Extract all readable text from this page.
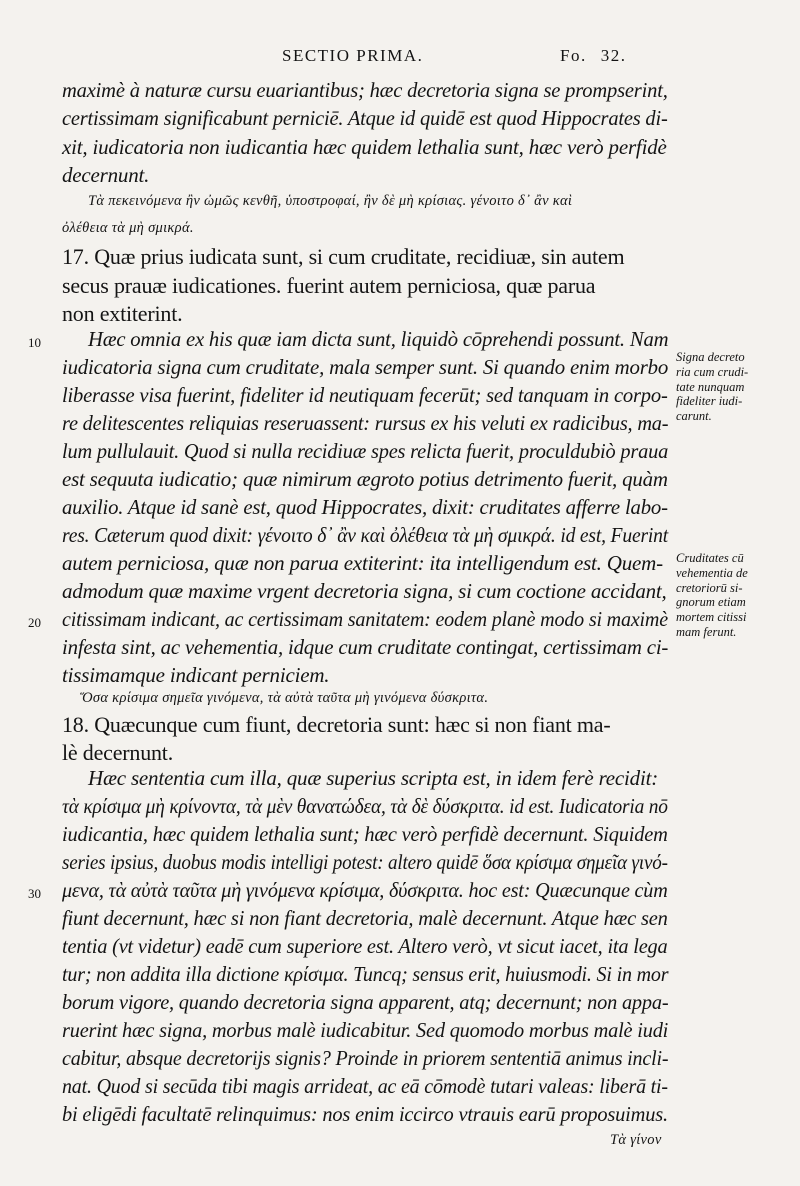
SECTIO PRIMA.	Fo. 32.
maximè à naturæ cursu euariantibus; hæc decretoria signa se prompserint,
certissimam significabunt perniciē. Atque id quidē est quod Hippocrates di-
xit, iudicatoria non iudicantia hæc quidem lethalia sunt, hæc verò perfidè
decernunt.
Τὰ πεκεινόμενα ἢν ὠμῶς κενθῆ, ὑποστροφαί, ἢν δὲ μὴ κρίσιας. γένοιτο δ᾽ ἂν καὶ
ὀλέθεια τὰ μὴ σμικρά.
17. Quæ prius iudicata sunt, si cum cruditate, recidiuæ, sin autem
secus prauæ iudicationes. fuerint autem perniciosa, quæ parua
non extiterint.
Hæc omnia ex his quæ iam dicta sunt, liquidò cōprehendi possunt. Nam
iudicatoria signa cum cruditate, mala semper sunt. Si quando enim morbo
liberasse visa fuerint, fideliter id neutiquam fecerūt; sed tanquam in corpo-
re delitescentes reliquias reseruassent: rursus ex his veluti ex radicibus, ma-
lum pullulauit. Quod si nulla recidiuæ spes relicta fuerit, proculdubiò praua
est sequuta iudicatio; quæ nimirum ægroto potius detrimento fuerit, quàm
auxilio. Atque id sanè est, quod Hippocrates, dixit: cruditates afferre labo-
res. Cæterum quod dixit: γένοιτο δ᾽ ἂν καὶ ὀλέθεια τὰ μὴ σμικρά. id est, Fuerint
autem perniciosa, quæ non parua extiterint: ita intelligendum est. Quem-
admodum quæ maxime vrgent decretoria signa, si cum coctione accidant,
citissimam indicant, ac certissimam sanitatem: eodem planè modo si maximè
infesta sint, ac vehementia, idque cum cruditate contingat, certissimam ci-
tissimamque indicant perniciem.
Ὅσα κρίσιμα σημεῖα γινόμενα, τὰ αὐτὰ ταῦτα μὴ γινόμενα δύσκριτα.
18. Quæcunque cum fiunt, decretoria sunt: hæc si non fiant ma-
lè decernunt.
Hæc sententia cum illa, quæ superius scripta est, in idem ferè recidit:
τὰ κρίσιμα μὴ κρίνοντα, τὰ μὲν θανατώδεα, τὰ δὲ δύσκριτα. id est. Iudicatoria nō
iudicantia, hæc quidem lethalia sunt; hæc verò perfidè decernunt. Siquidem
series ipsius, duobus modis intelligi potest: altero quidē ὅσα κρίσιμα σημεῖα γινό-
μενα, τὰ αὐτὰ ταῦτα μὴ γινόμενα κρίσιμα, δύσκριτα. hoc est: Quæcunque cùm
fiunt decernunt, hæc si non fiant decretoria, malè decernunt. Atque hæc sen
tentia (vt videtur) eadē cum superiore est. Altero verò, vt sicut iacet, ita lega
tur; non addita illa dictione κρίσιμα. Tuncq; sensus erit, huiusmodi. Si in mor
borum vigore, quando decretoria signa apparent, atq; decernunt; non appa-
ruerint hæc signa, morbus malè iudicabitur. Sed quomodo morbus malè iudi
cabitur, absque decretorijs signis? Proinde in priorem sententiā animus incli-
nat. Quod si secūda tibi magis arrideat, ac eā cōmodè tutari valeas: liberā ti-
bi eligēdi facultatē relinquimus: nos enim iccirco vtrauis earū proposuimus.
Τὰ γίνον
10
20
30
Signa decreto
ria cum crudi-
tate nunquam
fideliter iudi-
carunt.
Cruditates cū
vehementia de
cretoriorū si-
gnorum etiam
mortem citissi
mam ferunt.
